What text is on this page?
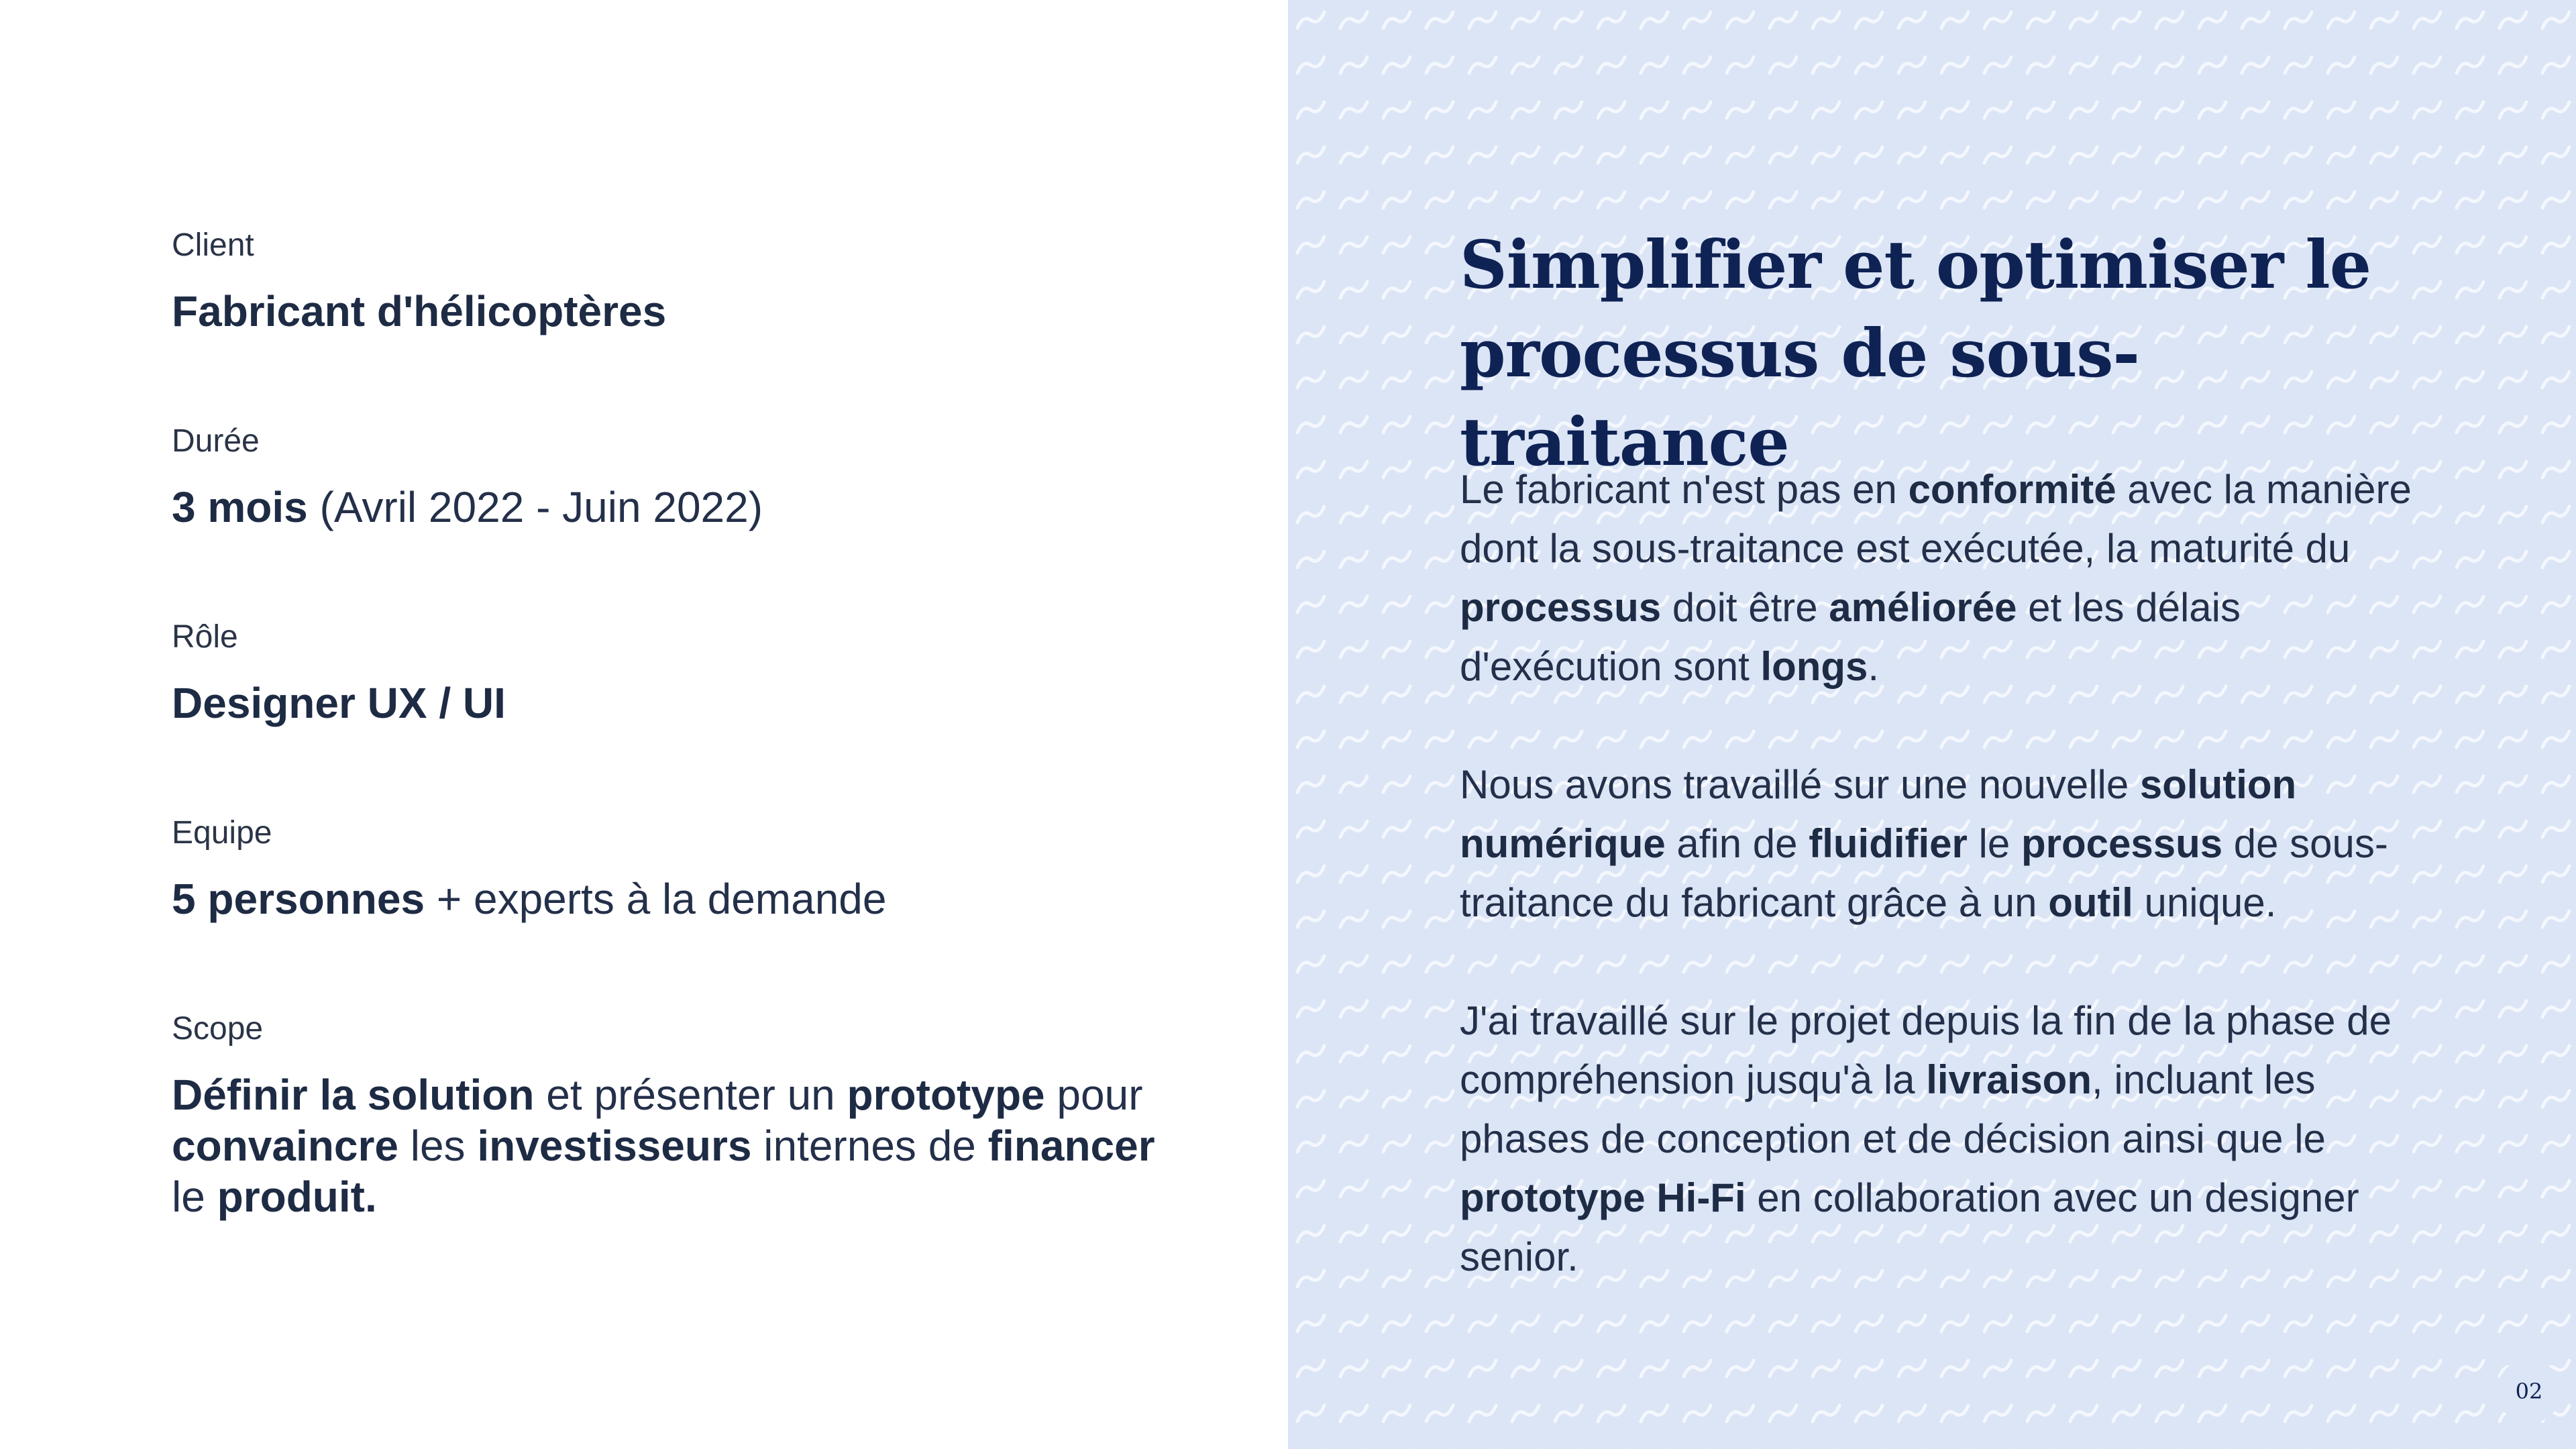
Client
Fabricant d'hélicoptères
Durée
3 mois (Avril 2022 - Juin 2022)
Rôle
Designer UX / UI
Equipe
5 personnes + experts à la demande
Scope
Définir la solution et présenter un prototype pour convaincre les investisseurs internes de financer le produit.
Simplifier et optimiser le processus de sous-traitance
Le fabricant n'est pas en conformité avec la manière dont la sous-traitance est exécutée, la maturité du processus doit être améliorée et les délais d'exécution sont longs.
Nous avons travaillé sur une nouvelle solution numérique afin de fluidifier le processus de sous-traitance du fabricant grâce à un outil unique.
J'ai travaillé sur le projet depuis la fin de la phase de compréhension jusqu'à la livraison, incluant les phases de conception et de décision ainsi que le prototype Hi-Fi en collaboration avec un designer senior.
02
